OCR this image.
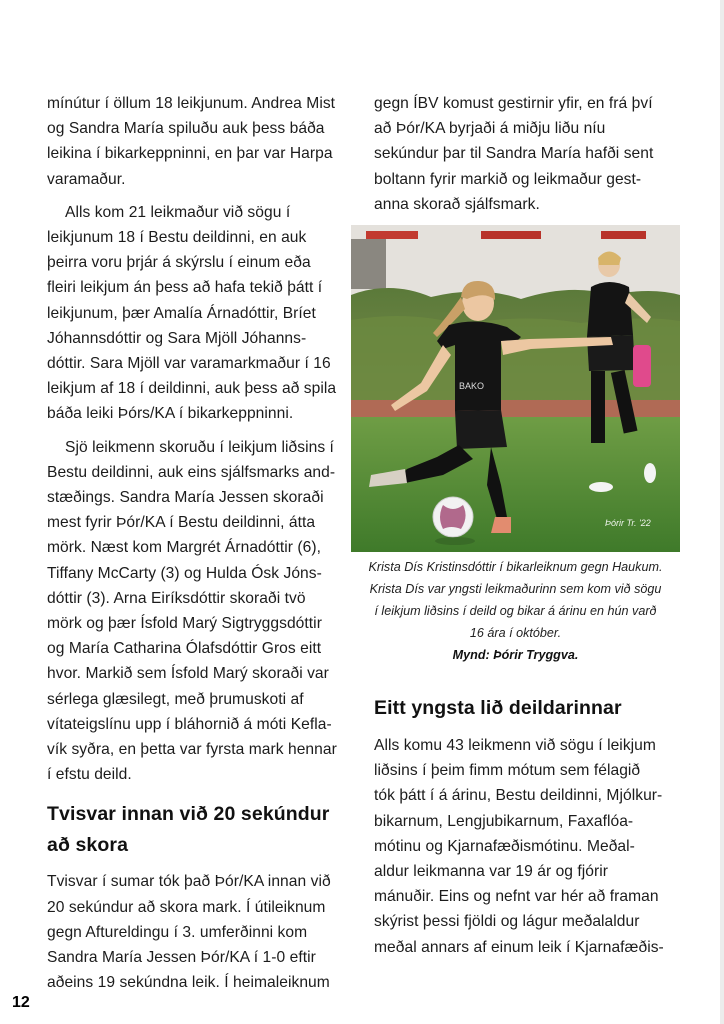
mínútur í öllum 18 leikjunum. Andrea Mist
og Sandra María spiluðu auk þess báða
leikina í bikarkeppninni, en þar var Harpa
varamaður.

Alls kom 21 leikmaður við sögu í
leikjunum 18 í Bestu deildinni, en auk
þeirra voru þrjár á skýrslu í einum eða
fleiri leikjum án þess að hafa tekið þátt í
leikjunum, þær Amalía Árnadóttir, Bríet
Jóhannsdóttir og Sara Mjöll Jóhanns-
dóttir. Sara Mjöll var varamarkmaður í 16
leikjum af 18 í deildinni, auk þess að spila
báða leiki Þórs/KA í bikarkeppninni.

Sjö leikmenn skoruðu í leikjum liðsins í
Bestu deildinni, auk eins sjálfsmarks and-
stæðings. Sandra María Jessen skoraði
mest fyrir Þór/KA í Bestu deildinni, átta
mörk. Næst kom Margrét Árnadóttir (6),
Tiffany McCarty (3) og Hulda Ósk Jóns-
dóttir (3). Arna Eiríksdóttir skoraði tvö
mörk og þær Ísfold Marý Sigtryggsdóttir
og María Catharina Ólafsdóttir Gros eitt
hvor. Markið sem Ísfold Marý skoraði var
sérlega glæsilegt, með þrumuskoti af
vítateigslínu upp í bláhornið á móti Kefla-
vík syðra, en þetta var fyrsta mark hennar
í efstu deild.

Tvisvar innan við 20 sekúndur
að skora

Tvisvar í sumar tók það Þór/KA innan við
20 sekúndur að skora mark. Í útileiknum
gegn Aftureldingu í 3. umferðinni kom
Sandra María Jessen Þór/KA í 1-0 eftir
aðeins 19 sekúndna leik. Í heimaleiknum

gegn ÍBV komust gestirnir yfir, en frá því
að Þór/KA byrjaði á miðju liðu níu
sekúndur þar til Sandra María hafði sent
boltann fyrir markið og leikmaður gest-
anna skorað sjálfsmark.

BAKO
Þórir Tr. '22
Krista Dís Kristinsdóttir í bikarleiknum gegn Haukum.
Krista Dís var yngsti leikmaðurinn sem kom við sögu
í leikjum liðsins í deild og bikar á árinu en hún varð
16 ára í október.
Mynd: Þórir Tryggva.
Eitt yngsta lið deildarinnar

Alls komu 43 leikmenn við sögu í leikjum
liðsins í þeim fimm mótum sem félagið
tók þátt í á árinu, Bestu deildinni, Mjólkur-
bikarnum, Lengjubikarnum, Faxaflóa-
mótinu og Kjarnafæðismótinu. Meðal-
aldur leikmanna var 19 ár og fjórir
mánuðir. Eins og nefnt var hér að framan
skýrist þessi fjöldi og lágur meðalaldur
meðal annars af einum leik í Kjarnafæðis-

12
